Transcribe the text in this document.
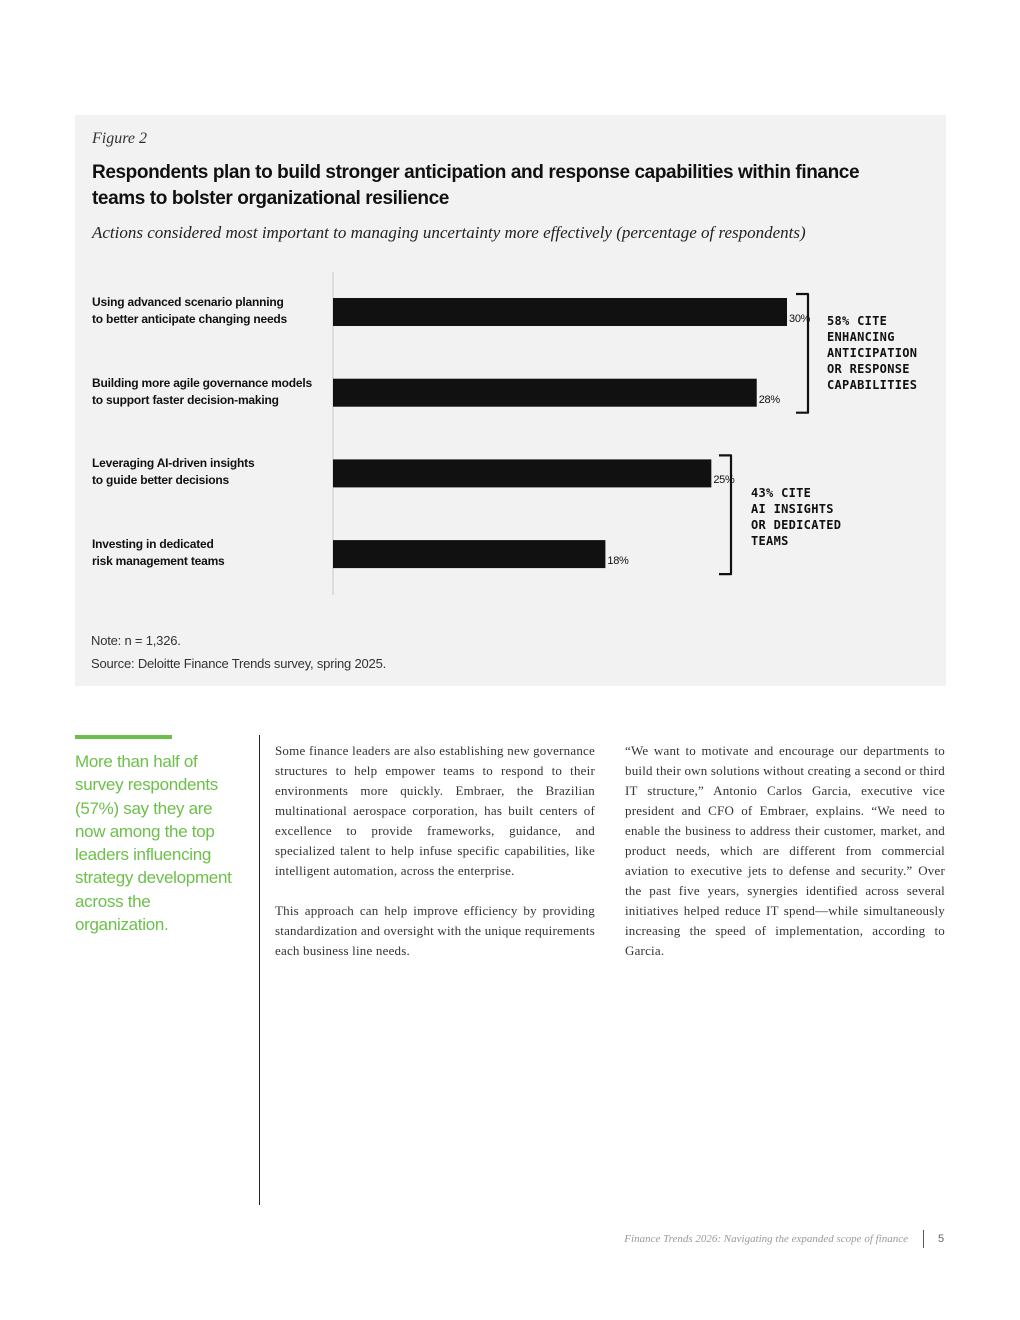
Figure 2
Respondents plan to build stronger anticipation and response capabilities within finance teams to bolster organizational resilience
Actions considered most important to managing uncertainty more effectively (percentage of respondents)
30%
Using advanced scenario planning
to better anticipate changing needs
28%
Building more agile governance models
to support faster decision-making
25%
Leveraging AI-driven insights
to guide better decisions
18%
Investing in dedicated
risk management teams
58% CITE
ENHANCING
ANTICIPATION
OR RESPONSE
CAPABILITIES
43% CITE
AI INSIGHTS
OR DEDICATED
TEAMS
Note: n = 1,326.
Source: Deloitte Finance Trends survey, spring 2025.
More than half of survey respondents (57%) say they are now among the top leaders influencing strategy development across the organization.

Some finance leaders are also establishing new governance structures to help empower teams to respond to their environments more quickly. Embraer, the Brazilian multinational aerospace corporation, has built centers of excellence to provide frameworks, guidance, and specialized talent to help infuse specific capabilities, like intelligent automation, across the enterprise.

This approach can help improve efficiency by providing standardization and oversight with the unique requirements each business line needs.

“We want to motivate and encourage our departments to build their own solutions without creating a second or third IT structure,” Antonio Carlos Garcia, executive vice president and CFO of Embraer, explains. “We need to enable the business to address their customer, market, and product needs, which are different from commercial aviation to executive jets to defense and security.” Over the past five years, synergies identified across several initiatives helped reduce IT spend—while simultaneously increasing the speed of implementation, according to Garcia.

Finance Trends 2026: Navigating the expanded scope of finance	5
